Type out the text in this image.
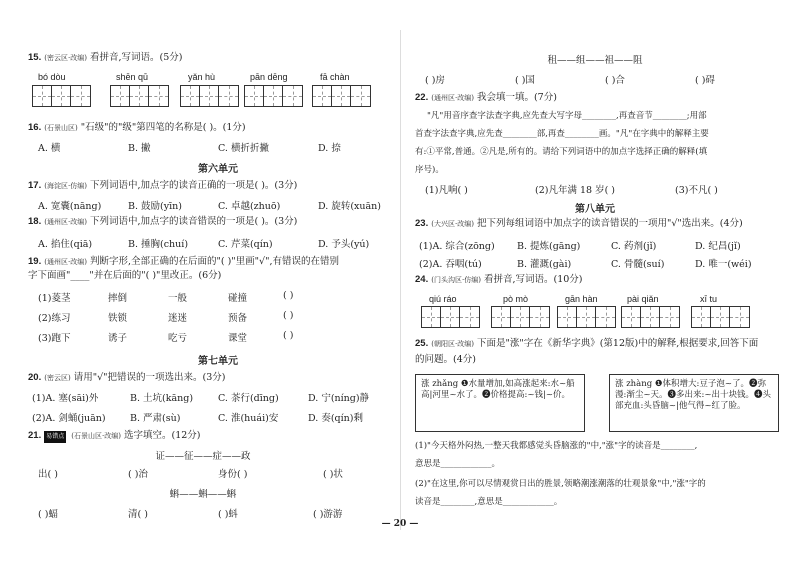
15. (密云区·改编) 看拼音,写词语。(5分)
bó dòu	shēn qū	yǎn hù	pān dēng	fā chàn
16. (石景山区) "石级"的"级"第四笔的名称是( )。(1分)
A. 横	B. 撇	C. 横折折撇	D. 捺
第六单元
17. (海淀区·仿编) 下列词语中,加点字的读音正确的一项是( )。(3分)
A. 宽囊(nāng)	B. 鼓励(yīn)	C. 卓越(zhuō)	D. 旋转(xuān)
18. (通州区·改编) 下列词语中,加点字的读音错误的一项是( )。(3分)
A. 掐住(qiā)	B. 捶胸(chuí)	C. 芹菜(qín)	D. 予头(yú)
19. (通州区·改编) 判断字形,全部正确的在后面的"( )"里画"√",有错误的在错别
字下面画"____"并在后面的"( )"里改正。(6分)
(1)菱茎	摔倒	一般	碰撞	( )
(2)练习	铁锁	迷迷	预备	( )
(3)跑下	诱子	吃亏	课堂	( )
第七单元
20. (密云区) 请用"√"把错误的一项选出来。(3分)
(1)A. 塞(sāi)外	B. 土坑(kāng)	C. 茶行(dīng)	D. 宁(níng)静
(2)A. 剑蛹(juān)	B. 严肃(sù)	C. 淮(huái)安	D. 奏(qín)剩
21. 易错点 (石景山区·改编) 选字填空。(12分)
证——征——症——政
出( )	( )治	身份( )	( )状
蝌——蝌——蝌
( )蝠	清( )	( )蚪	( )游游
租——组——祖——阻
( )房	( )国	( )合	( )碍
22. (通州区·改编) 我会填一填。(7分)
"凡"用音序查字法查字典,应先查大写字母________,再查音节________;用部
首查字法查字典,应先查________部,再查________画。"凡"在字典中的解释主要
有:①平常,普通。②凡是,所有的。请给下列词语中的加点字选择正确的解释(填
序号)。
(1)凡响( )	(2)凡年满 18 岁( )	(3)不凡( )
第八单元
23. (大兴区·改编) 把下列每组词语中加点字的读音错误的一项用"√"选出来。(4分)
(1)A. 综合(zōng) B. 提炼(gāng)	C. 药剂(jǐ)	D. 纪昌(jǐ)
(2)A. 吞咽(tú)	B. 灌溉(gài)	C. 骨髓(suí)	D. 唯一(wéi)
24. (门头沟区·仿编) 看拼音,写词语。(10分)
qiú ráo	pò mò	gān hàn	pài qiǎn	xī tu
25. (朝阳区·改编) 下面是"涨"字在《新华字典》(第12版)中的解释,根据要求,回答下面
的问题。(4分)
涨 zhǎng ❶水量增加,如高涨起来:水~船高|河里~水了。❷价格提高:~钱|~价。
涨 zhàng ❶体积增大:豆子泡~了。❷弥漫:渐尘~天。❸多出来:~出十块钱。❹头部充血:头昏脑~|他气得~红了脸。
(1)"今天格外闷热,一整天我都感觉头昏脑涨的"中,"涨"字的读音是________,
意思是____________。
(2)"在这里,你可以尽情观赏日出的胜景,领略潮涨潮落的壮观景象"中,"涨"字的
读音是________,意思是____________。
— 20 —
